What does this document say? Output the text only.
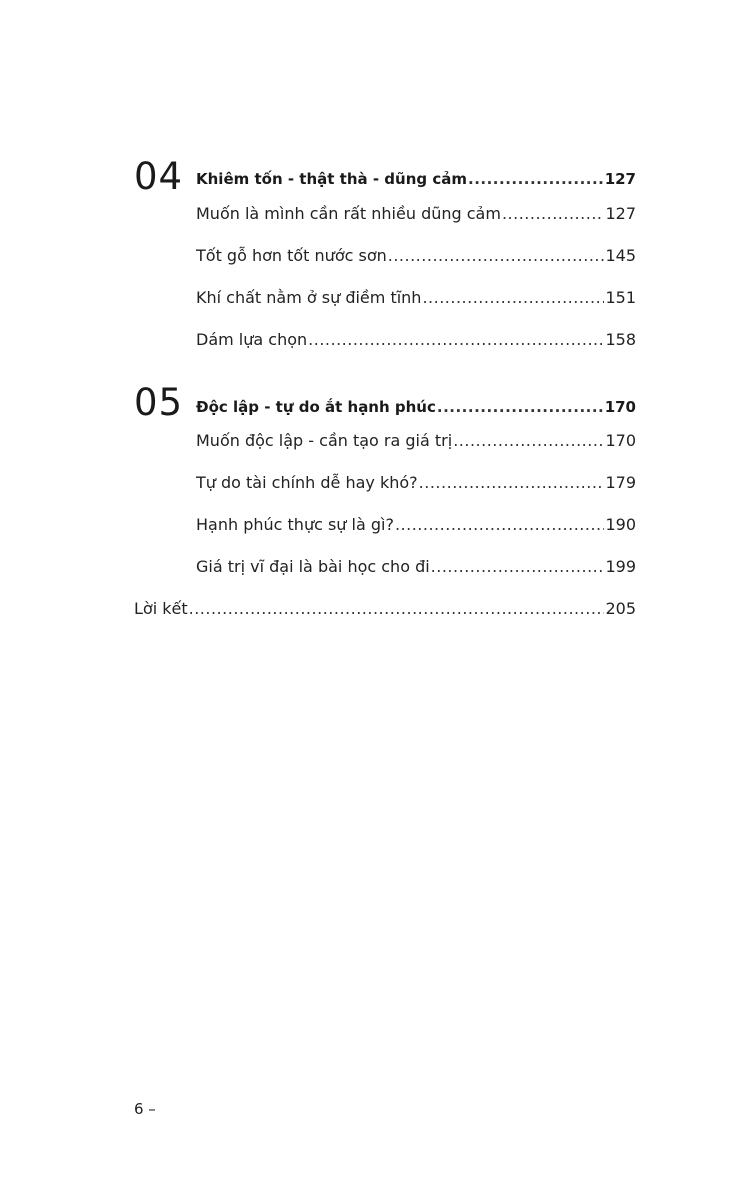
04 Khiêm tốn - thật thà - dũng cảm .....	127
Muốn là mình cần rất nhiều dũng cảm .....	127
Tốt gỗ hơn tốt nước sơn .....	145
Khí chất nằm ở sự điềm tĩnh .....	151
Dám lựa chọn .....	158
05 Độc lập - tự do ắt hạnh phúc .....	170
Muốn độc lập - cần tạo ra giá trị .....	170
Tự do tài chính dễ hay khó? .....	179
Hạnh phúc thực sự là gì? .....	190
Giá trị vĩ đại là bài học cho đi .....	199
Lời kết .....	205
6 –
